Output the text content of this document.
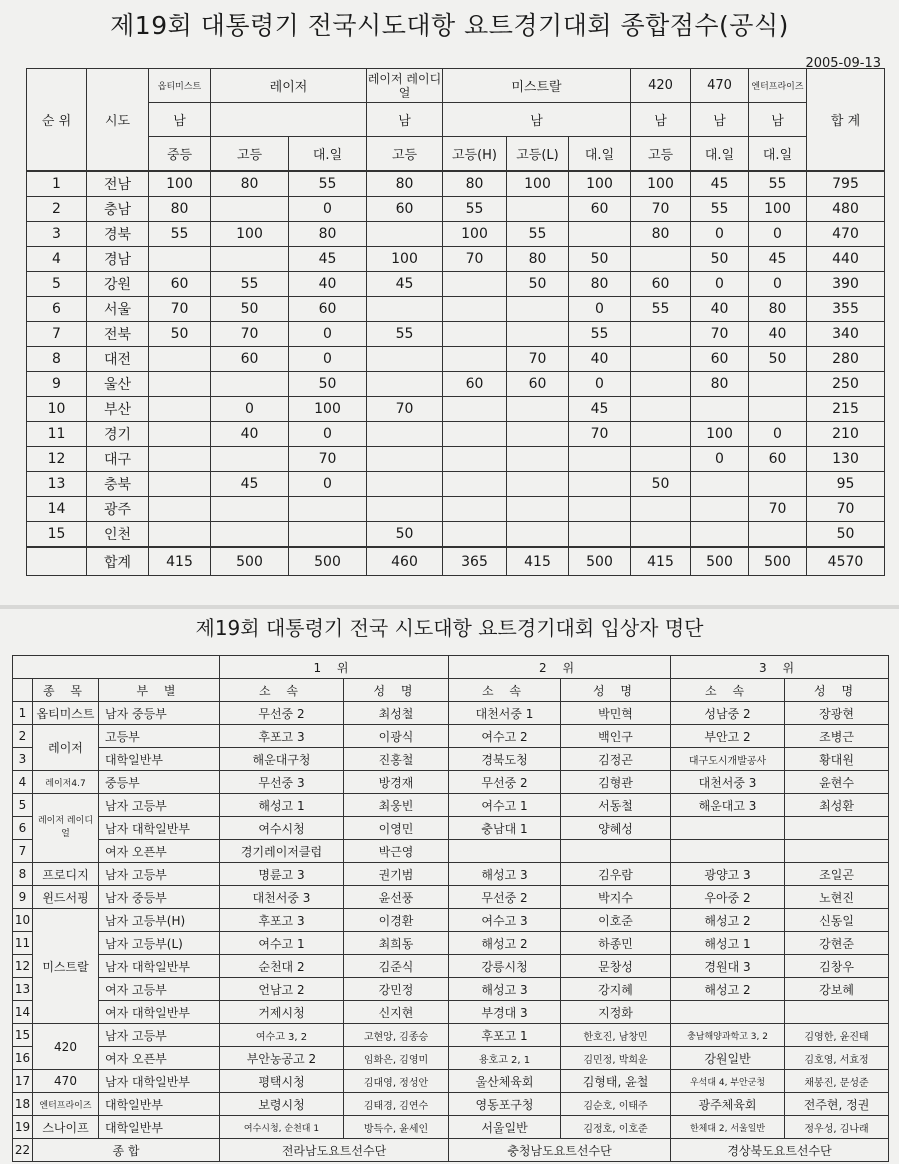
제19회 대통령기 전국시도대항 요트경기대회 종합점수(공식)
2005-09-13
순 위	시도	옵티미스트	레이저		레이저 레이디얼	미스트랄			420	470	엔터프라이즈	합 계
		남			남	남			남	남	남	
		중등	고등	대.일	고등	고등(H)	고등(L)	대.일	고등	대.일	대.일	
1	전남	100	80	55	80	80	100	100	100	45	55	795
2	충남	80		0	60	55		60	70	55	100	480
3	경북	55	100	80		100	55		80	0	0	470
4	경남			45	100	70	80	50		50	45	440
5	강원	60	55	40	45		50	80	60	0	0	390
6	서울	70	50	60				0	55	40	80	355
7	전북	50	70	0	55			55		70	40	340
8	대전		60	0			70	40		60	50	280
9	울산			50		60	60	0		80		250
10	부산		0	100	70			45				215
11	경기		40	0				70		100	0	210
12	대구			70						0	60	130
13	충북		45	0					50			95
14	광주										70	70
15	인천				50							50
	합계	415	500	500	460	365	415	500	415	500	500	4570
제19회 대통령기 전국 시도대항 요트경기대회 입상자 명단
			1 위		2 위		3 위	
	종 목	부 별	소 속	성 명	소 속	성 명	소 속	성 명
1	옵티미스트	남자 중등부	무선중 2	최성철	대천서중 1	박민혁	성남중 2	장광현
2	레이저	고등부	후포고 3	이광식	여수고 2	백인구	부안고 2	조병근
3		대학일반부	해운대구청	진홍철	경북도청	김정곤	대구도시개발공사	황대원
4	레이저4.7	중등부	무선중 3	방경재	무선중 2	김형관	대천서중 3	윤현수
5	레이저 레이디얼	남자 고등부	해성고 1	최웅빈	여수고 1	서동철	해운대고 3	최성환
6		남자 대학일반부	여수시청	이영민	충남대 1	양혜성		
7		여자 오픈부	경기레이저클럽	박근영				
8	프로디지	남자 고등부	명륜고 3	권기범	해성고 3	김우람	광양고 3	조일곤
9	윈드서핑	남자 중등부	대천서중 3	윤선풍	무선중 2	박지수	우아중 2	노현진
10	미스트랄	남자 고등부(H)	후포고 3	이경환	여수고 3	이호준	해성고 2	신동일
11		남자 고등부(L)	여수고 1	최희동	해성고 2	하종민	해성고 1	강현준
12		남자 대학일반부	순천대 2	김준식	강릉시청	문창성	경원대 3	김창우
13		여자 고등부	언남고 2	강민정	해성고 3	강지혜	해성고 2	강보혜
14		여자 대학일반부	거제시청	신지현	부경대 3	지정화		
15	420	남자 고등부	여수고 3, 2	고현앙, 김종승	후포고 1	한호진, 남창민	충남해양과학고 3, 2	김영한, 윤진태
16		여자 오픈부	부안농공고 2	임화은, 김영미	용호고 2, 1	김민정, 박희운	강원일반	김호영, 서효정
17	470	남자 대학일반부	평택시청	김대영, 정성안	울산체육회	김형태, 윤철	우석대 4, 부안군청	채봉진, 문성준
18	엔터프라이즈	대학일반부	보령시청	김태경, 김연수	영동포구청	김순호, 이태주	광주체육회	전주현, 정권
19	스나이프	대학일반부	여수시청, 순천대 1	방득수, 윤세인	서울일반	김정호, 이호준	한체대 2, 서울일반	정우성, 김나래
22	종 합		전라남도요트선수단		충청남도요트선수단		경상북도요트선수단	
